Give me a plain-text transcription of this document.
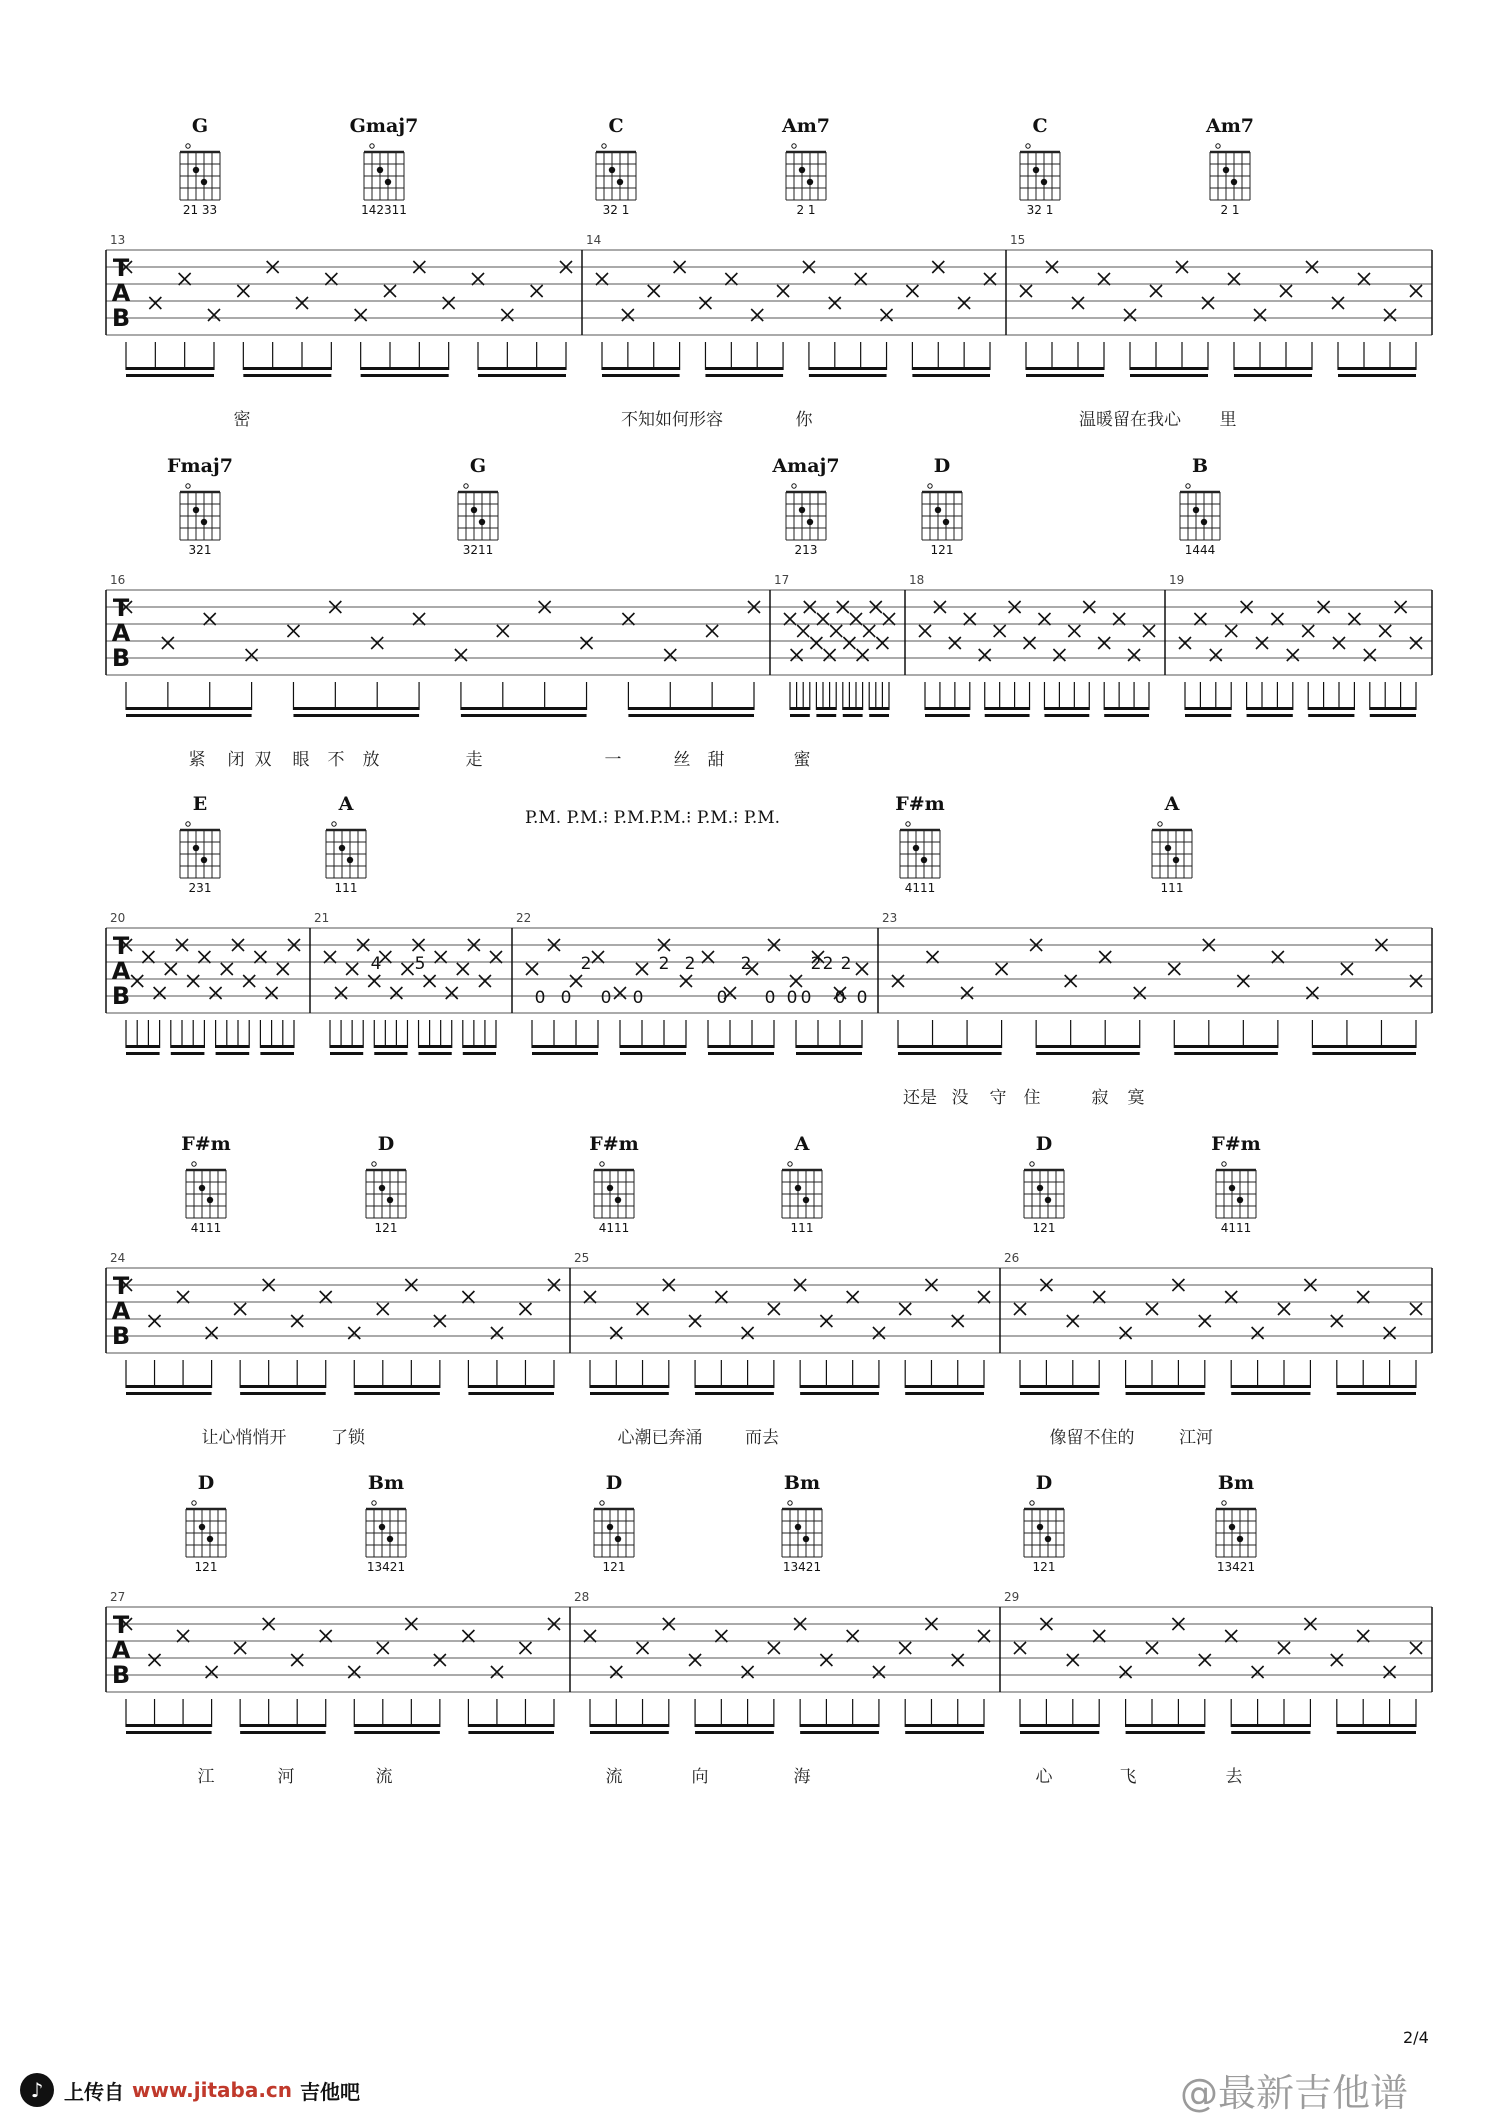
G
21 33
Gmaj7
142311
C
32 1
Am7
2 1
C
32 1
Am7
2 1
T
A
B
13	14	15
密	不知如何形容	你	温暖留在我心 里
Fmaj7
321
G
3211
Amaj7
213
D
121
B
1444
T
A
B
16	17	18	19
紧 闭 双 眼 不 放	走	一	丝 甜	蜜
E
231
A
111
F#m
4111
A
111
T
A
B
20	21	22	23
还是 没 守 住	寂 寞
F#m
4111
D
121
F#m
4111
A
111
D
121
F#m
4111
T
A
B
24	25	26
让心悄悄开	了锁	心潮已奔涌	而去	像留不住的	江河
D
121
Bm
13421
D
121
Bm
13421
D
121
Bm
13421
T
A
B
27	28	29
江	河	流	流	向	海	心	飞	去
P.M. P.M.⁝ P.M.P.M.⁝ P.M.⁝ P.M.
4 5
0 0
2
0 0
2 2
0
2
0 0
2
0 0
2
0
2
2/4
@最新吉他谱
♪	上传自 www.jitaba.cn 吉他吧
